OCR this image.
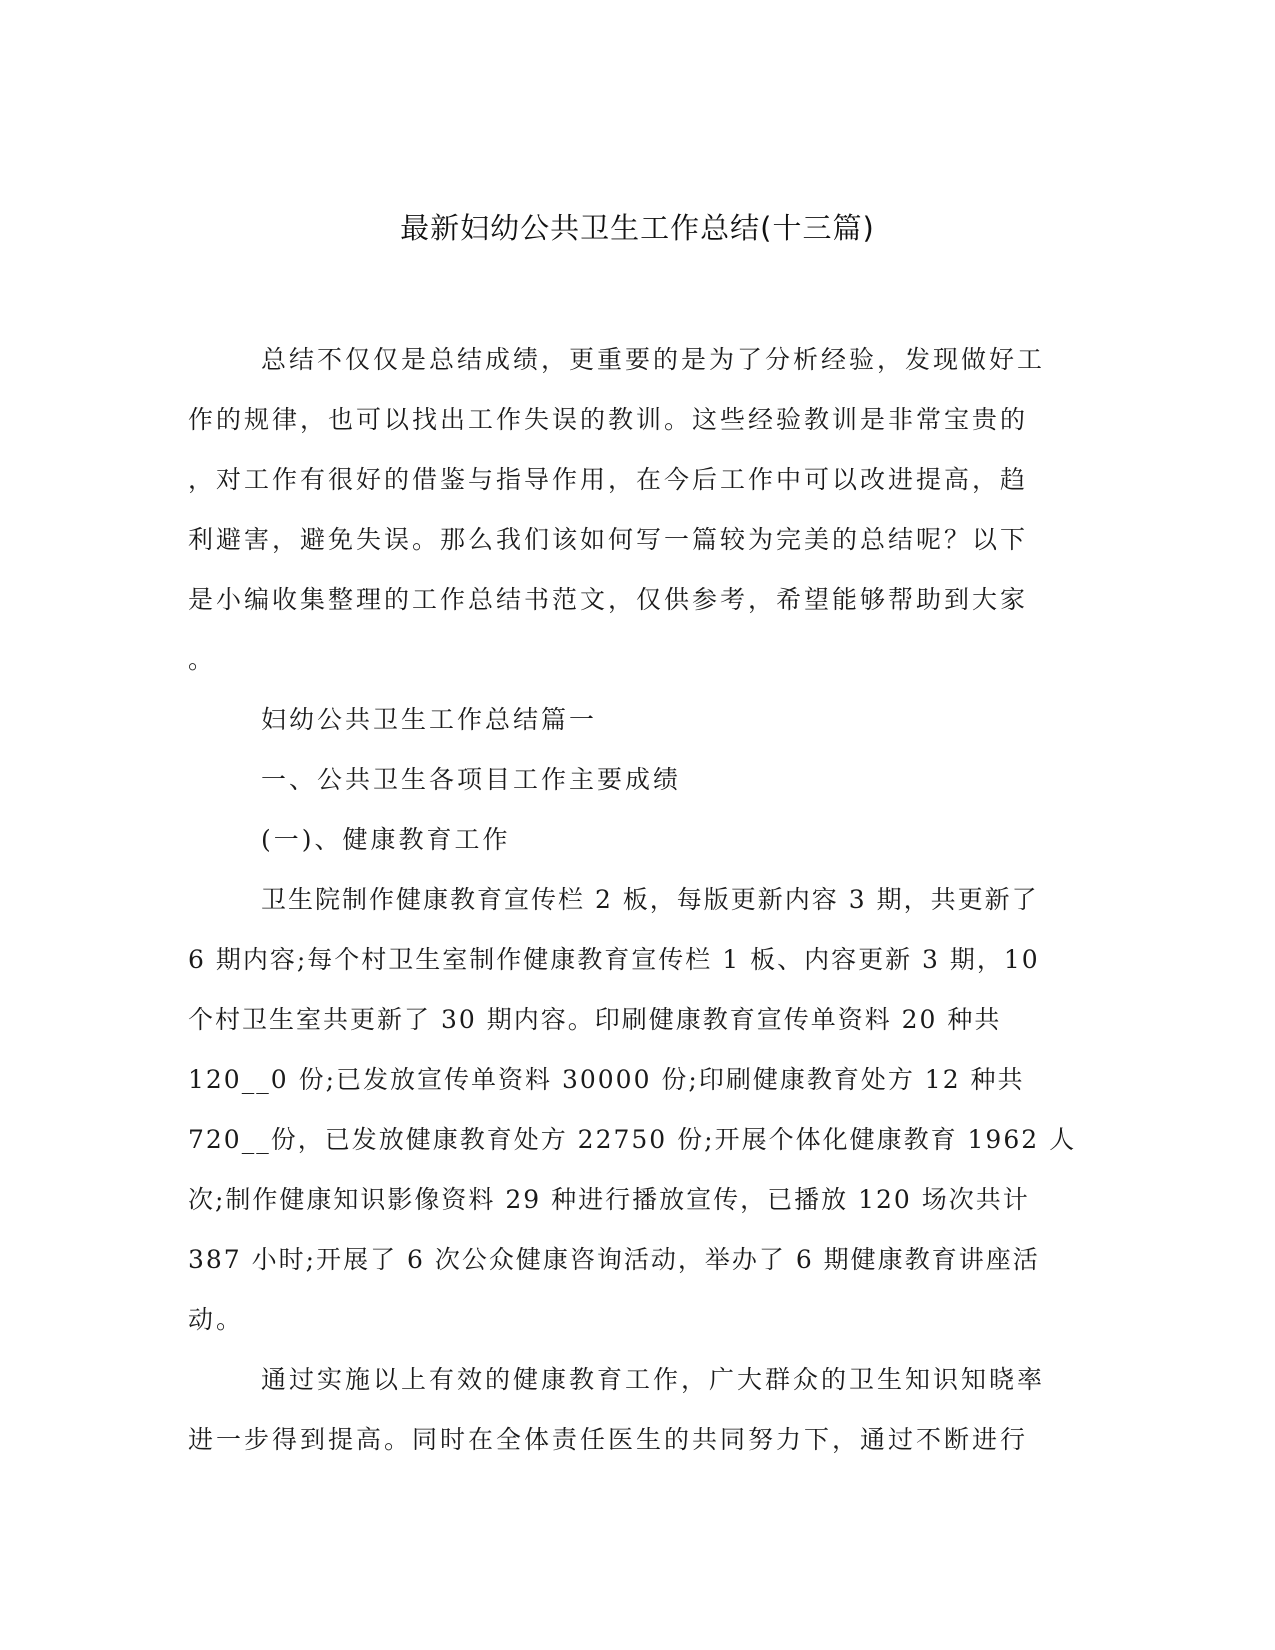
最新妇幼公共卫生工作总结(十三篇)
总结不仅仅是总结成绩，更重要的是为了分析经验，发现做好工
作的规律，也可以找出工作失误的教训。这些经验教训是非常宝贵的
，对工作有很好的借鉴与指导作用，在今后工作中可以改进提高，趋
利避害，避免失误。那么我们该如何写一篇较为完美的总结呢？以下
是小编收集整理的工作总结书范文，仅供参考，希望能够帮助到大家
。
妇幼公共卫生工作总结篇一
一、公共卫生各项目工作主要成绩
(一)、健康教育工作
卫生院制作健康教育宣传栏 2 板，每版更新内容 3 期，共更新了
6 期内容;每个村卫生室制作健康教育宣传栏 1 板、内容更新 3 期，10
个村卫生室共更新了 30 期内容。印刷健康教育宣传单资料 20 种共
120__0 份;已发放宣传单资料 30000 份;印刷健康教育处方 12 种共
720__份，已发放健康教育处方 22750 份;开展个体化健康教育 1962 人
次;制作健康知识影像资料 29 种进行播放宣传，已播放 120 场次共计
387 小时;开展了 6 次公众健康咨询活动，举办了 6 期健康教育讲座活
动。
通过实施以上有效的健康教育工作，广大群众的卫生知识知晓率
进一步得到提高。同时在全体责任医生的共同努力下，通过不断进行
